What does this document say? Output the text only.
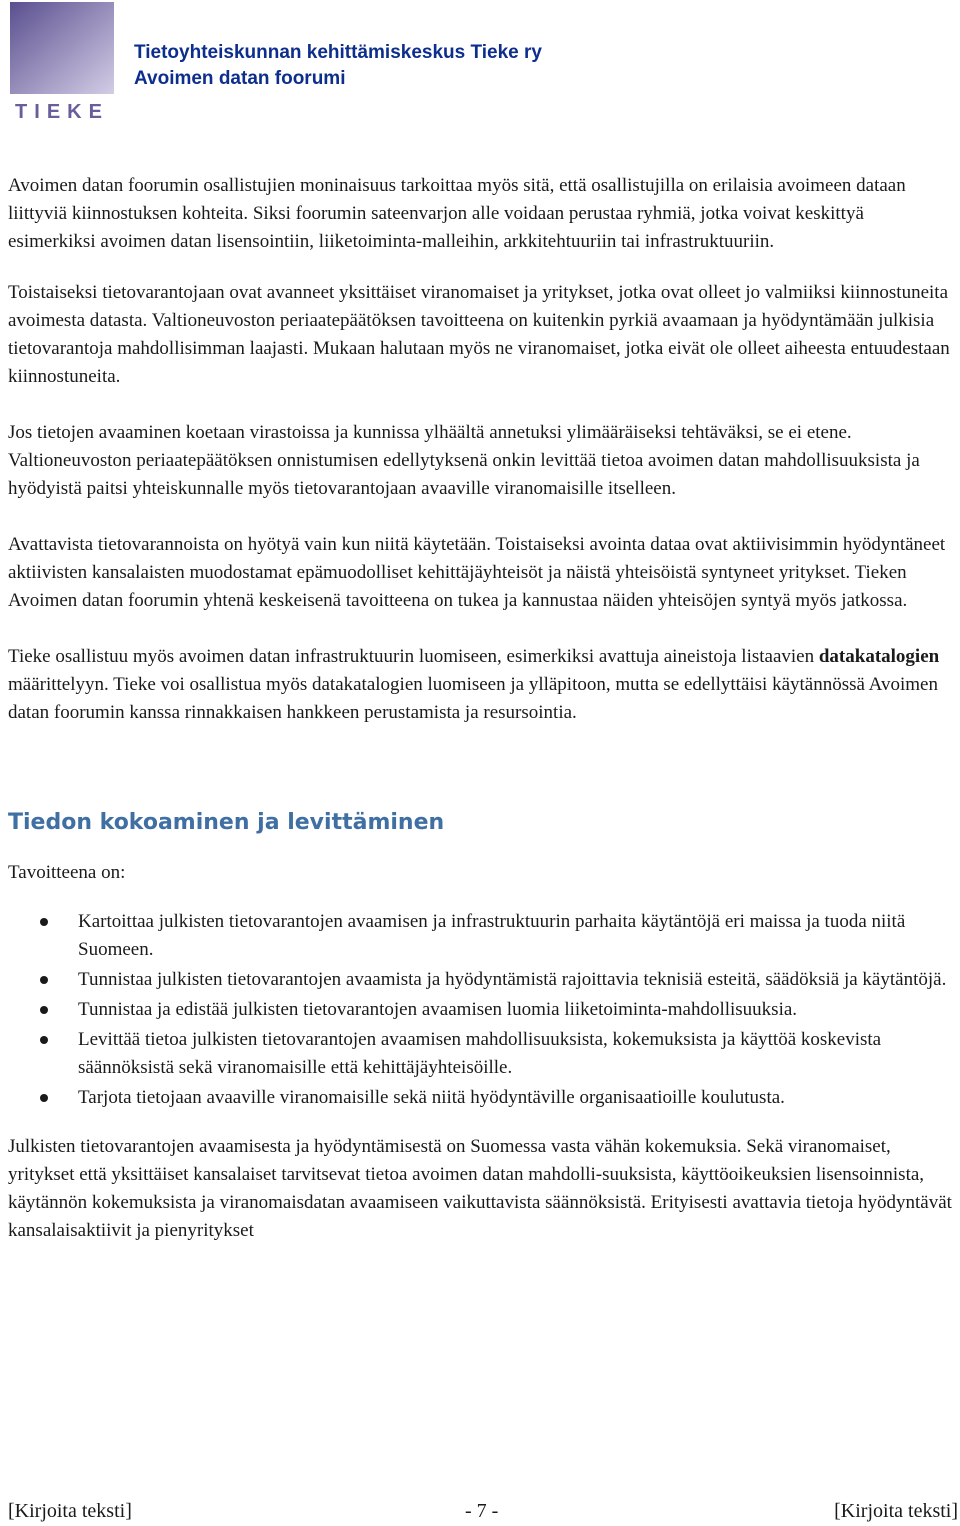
TIEKE
Tietoyhteiskunnan kehittämiskeskus Tieke ry
Avoimen datan foorumi

Avoimen datan foorumin osallistujien moninaisuus tarkoittaa myös sitä, että osallistujilla on erilaisia avoimeen dataan liittyviä kiinnostuksen kohteita. Siksi foorumin sateenvarjon alle voidaan perustaa ryhmiä, jotka voivat keskittyä esimerkiksi avoimen datan lisensointiin, liiketoiminta-malleihin, arkkitehtuuriin tai infrastruktuuriin.

Toistaiseksi tietovarantojaan ovat avanneet yksittäiset viranomaiset ja yritykset, jotka ovat olleet jo valmiiksi kiinnostuneita avoimesta datasta. Valtioneuvoston periaatepäätöksen tavoitteena on kuitenkin pyrkiä avaamaan ja hyödyntämään julkisia tietovarantoja mahdollisimman laajasti. Mukaan halutaan myös ne viranomaiset, jotka eivät ole olleet aiheesta entuudestaan kiinnostuneita.

Jos tietojen avaaminen koetaan virastoissa ja kunnissa ylhäältä annetuksi ylimääräiseksi tehtäväksi, se ei etene. Valtioneuvoston periaatepäätöksen onnistumisen edellytyksenä onkin levittää tietoa avoimen datan mahdollisuuksista ja hyödyistä paitsi yhteiskunnalle myös tietovarantojaan avaaville viranomaisille itselleen.

Avattavista tietovarannoista on hyötyä vain kun niitä käytetään. Toistaiseksi avointa dataa ovat aktiivisimmin hyödyntäneet aktiivisten kansalaisten muodostamat epämuodolliset kehittäjäyhteisöt ja näistä yhteisöistä syntyneet yritykset. Tieken Avoimen datan foorumin yhtenä keskeisenä tavoitteena on tukea ja kannustaa näiden yhteisöjen syntyä myös jatkossa.

Tieke osallistuu myös avoimen datan infrastruktuurin luomiseen, esimerkiksi avattuja aineistoja listaavien datakatalogien määrittelyyn. Tieke voi osallistua myös datakatalogien luomiseen ja ylläpitoon, mutta se edellyttäisi käytännössä Avoimen datan foorumin kanssa rinnakkaisen hankkeen perustamista ja resursointia.

Tiedon kokoaminen ja levittäminen

Tavoitteena on:

Kartoittaa julkisten tietovarantojen avaamisen ja infrastruktuurin parhaita käytäntöjä eri maissa ja tuoda niitä Suomeen.
Tunnistaa julkisten tietovarantojen avaamista ja hyödyntämistä rajoittavia teknisiä esteitä, säädöksiä ja käytäntöjä.
Tunnistaa ja edistää julkisten tietovarantojen avaamisen luomia liiketoiminta-mahdollisuuksia.
Levittää tietoa julkisten tietovarantojen avaamisen mahdollisuuksista, kokemuksista ja käyttöä koskevista säännöksistä sekä viranomaisille että kehittäjäyhteisöille.
Tarjota tietojaan avaaville viranomaisille sekä niitä hyödyntäville organisaatioille koulutusta.

Julkisten tietovarantojen avaamisesta ja hyödyntämisestä on Suomessa vasta vähän kokemuksia. Sekä viranomaiset, yritykset että yksittäiset kansalaiset tarvitsevat tietoa avoimen datan mahdolli-suuksista, käyttöoikeuksien lisensoinnista, käytännön kokemuksista ja viranomaisdatan avaamiseen vaikuttavista säännöksistä. Erityisesti avattavia tietoja hyödyntävät kansalaisaktiivit ja pienyritykset

[Kirjoita teksti]	- 7 -	[Kirjoita teksti]
